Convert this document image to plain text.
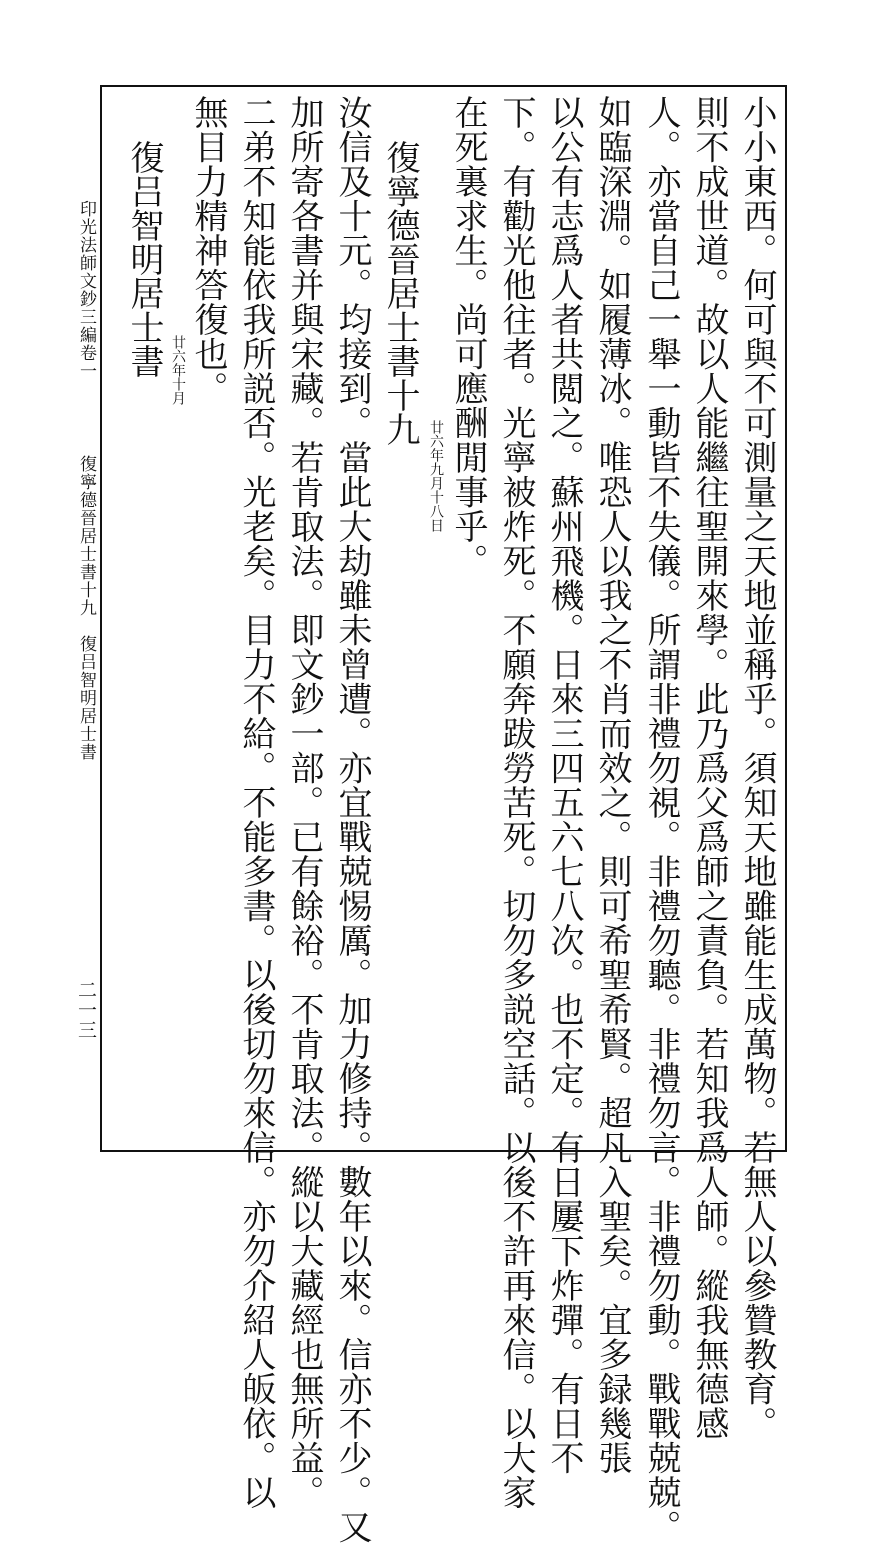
小小東西。何可與不可測量之天地並稱乎。須知天地雖能生成萬物。若無人以參贊教育。
則不成世道。故以人能繼往聖開來學。此乃爲父爲師之責負。若知我爲人師。縱我無德感
人。亦當自己一舉一動皆不失儀。所謂非禮勿視。非禮勿聽。非禮勿言。非禮勿動。戰戰兢兢。
如臨深淵。如履薄冰。唯恐人以我之不肖而效之。則可希聖希賢。超凡入聖矣。宜多録幾張
以公有志爲人者共閲之。蘇州飛機。日來三四五六七八次。也不定。有日屢下炸彈。有日不
下。有勸光他往者。光寧被炸死。不願奔跋勞苦死。切勿多説空話。以後不許再來信。以大家
在死裏求生。尚可應酬閒事乎。
廿六年九月十八日
復寧德晉居士書十九
汝信及十元。均接到。當此大劫雖未曾遭。亦宜戰兢惕厲。加力修持。數年以來。信亦不少。又
加所寄各書并與宋藏。若肯取法。即文鈔一部。已有餘裕。不肯取法。縱以大藏經也無所益。
二弟不知能依我所説否。光老矣。目力不給。不能多書。以後切勿來信。亦勿介紹人皈依。以
無目力精神答復也。
廿六年十月
復吕智明居士書
印光法師文鈔三編卷一
復寧德晉居士書十九　復吕智明居士書
二一三
